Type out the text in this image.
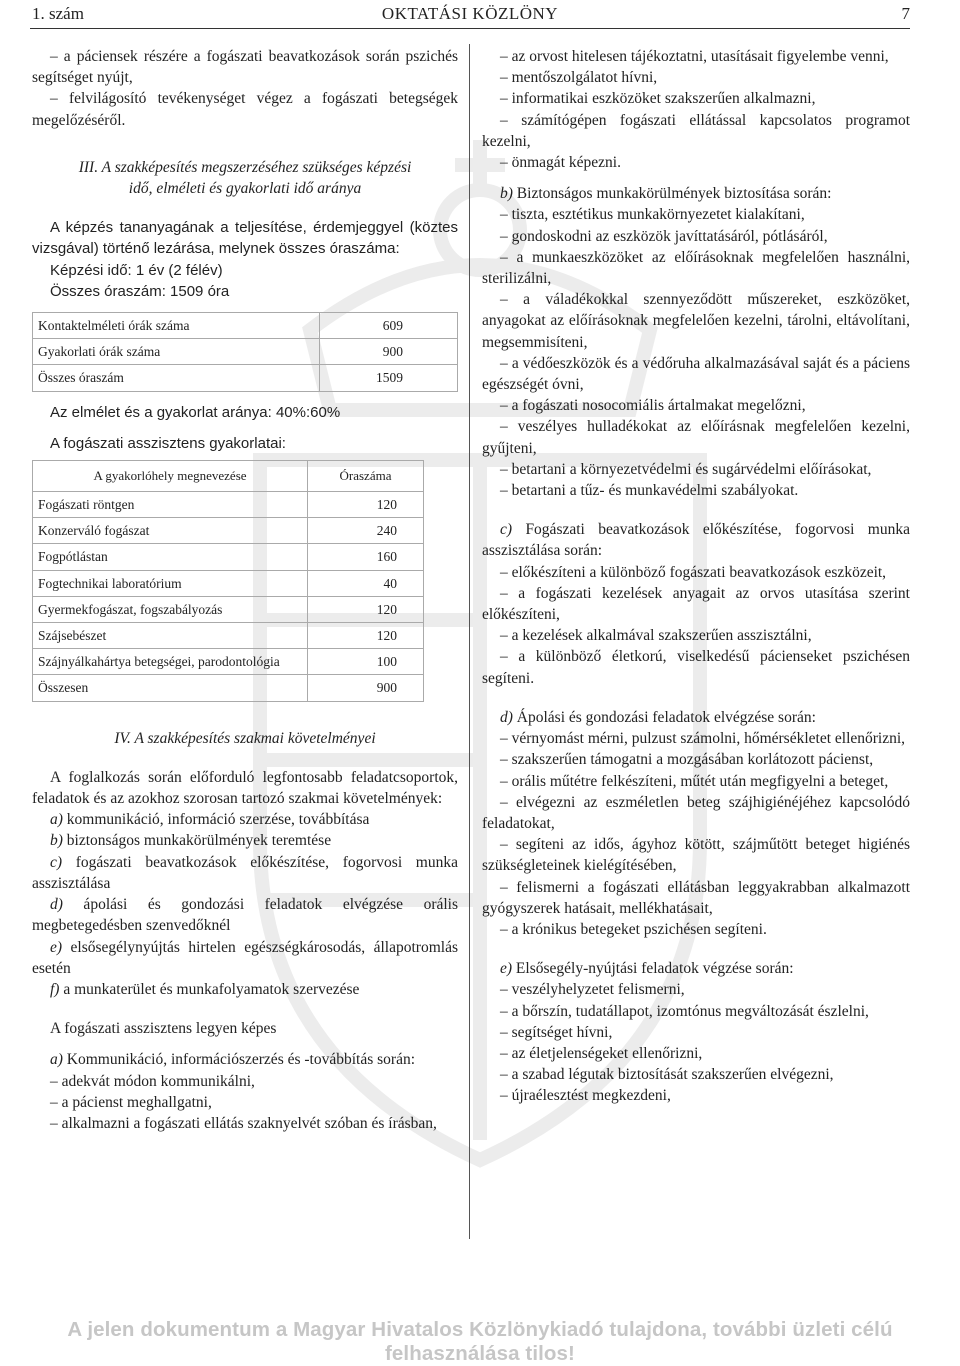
1. szám	OKTATÁSI KÖZLÖNY	7

– a páciensek részére a fogászati beavatkozások során pszichés segítséget nyújt,

– felvilágosító tevékenységet végez a fogászati betegségek megelőzéséről.

III. A szakképesítés megszerzéséhez szükséges képzési

idő, elméleti és gyakorlati idő aránya

A képzés tananyagának a teljesítése, érdemjeggyel (köztes vizsgával) történő lezárása, melynek összes óraszáma:

Képzési idő: 1 év (2 félév)

Összes óraszám: 1509 óra

Kontaktelméleti órák száma	609
Gyakorlati órák száma	900
Összes óraszám	1509

Az elmélet és a gyakorlat aránya: 40%:60%

A fogászati asszisztens gyakorlatai:

A gyakorlóhely megnevezése	Óraszáma
Fogászati röntgen	120
Konzerváló fogászat	240
Fogpótlástan	160
Fogtechnikai laboratórium	40
Gyermekfogászat, fogszabályozás	120
Szájsebészet	120
Szájnyálkahártya betegségei, parodontológia	100
Összesen	900

IV. A szakképesítés szakmai követelményei

A foglalkozás során előforduló legfontosabb feladatcsoportok, feladatok és az azokhoz szorosan tartozó szakmai követelmények:

a) kommunikáció, információ szerzése, továbbítása

b) biztonságos munkakörülmények teremtése

c) fogászati beavatkozások előkészítése, fogorvosi munka asszisztálása

d) ápolási és gondozási feladatok elvégzése orális megbetegedésben szenvedőknél

e) elsősegélynyújtás hirtelen egészségkárosodás, állapotromlás esetén

f) a munkaterület és munkafolyamatok szervezése

A fogászati asszisztens legyen képes

a) Kommunikáció, információszerzés és -továbbítás során:

– adekvát módon kommunikálni,

– a pácienst meghallgatni,

– alkalmazni a fogászati ellátás szaknyelvét szóban és írásban,

– az orvost hitelesen tájékoztatni, utasításait figyelembe venni,

– mentőszolgálatot hívni,

– informatikai eszközöket szakszerűen alkalmazni,

– számítógépen fogászati ellátással kapcsolatos programot kezelni,

– önmagát képezni.

b) Biztonságos munkakörülmények biztosítása során:

– tiszta, esztétikus munkakörnyezetet kialakítani,

– gondoskodni az eszközök javíttatásáról, pótlásáról,

– a munkaeszközöket az előírásoknak megfelelően használni, sterilizálni,

– a váladékokkal szennyeződött műszereket, eszközöket, anyagokat az előírásoknak megfelelően kezelni, tárolni, eltávolítani, megsemmisíteni,

– a védőeszközök és a védőruha alkalmazásával saját és a páciens egészségét óvni,

– a fogászati nosocomiális ártalmakat megelőzni,

– veszélyes hulladékokat az előírásnak megfelelően kezelni, gyűjteni,

– betartani a környezetvédelmi és sugárvédelmi előírásokat,

– betartani a tűz- és munkavédelmi szabályokat.

c) Fogászati beavatkozások előkészítése, fogorvosi munka asszisztálása során:

– előkészíteni a különböző fogászati beavatkozások eszközeit,

– a fogászati kezelések anyagait az orvos utasítása szerint előkészíteni,

– a kezelések alkalmával szakszerűen asszisztálni,

– a különböző életkorú, viselkedésű pácienseket pszichésen segíteni.

d) Ápolási és gondozási feladatok elvégzése során:

– vérnyomást mérni, pulzust számolni, hőmérsékletet ellenőrizni,

– szakszerűen támogatni a mozgásában korlátozott pácienst,

– orális műtétre felkészíteni, műtét után megfigyelni a beteget,

– elvégezni az eszméletlen beteg szájhigiénéjéhez kapcsolódó feladatokat,

– segíteni az idős, ágyhoz kötött, szájműtött beteget higiénés szükségleteinek kielégítésében,

– felismerni a fogászati ellátásban leggyakrabban alkalmazott gyógyszerek hatásait, mellékhatásait,

– a krónikus betegeket pszichésen segíteni.

e) Elsősegély-nyújtási feladatok végzése során:

– veszélyhelyzetet felismerni,

– a bőrszín, tudatállapot, izomtónus megváltozását észlelni,

– segítséget hívni,

– az életjelenségeket ellenőrizni,

– a szabad légutak biztosítását szakszerűen elvégezni,

– újraélesztést megkezdeni,

A jelen dokumentum a Magyar Hivatalos Közlönykiadó tulajdona, további üzleti célú felhasználása tilos!
